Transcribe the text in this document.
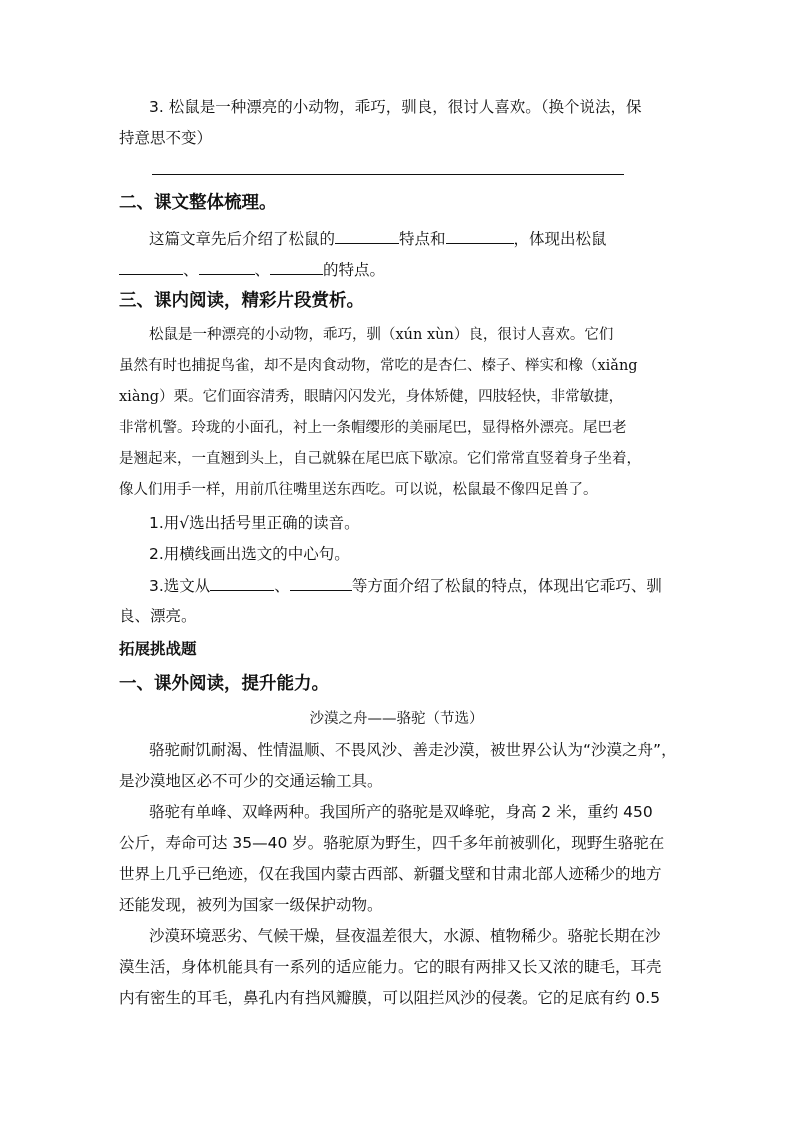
3. 松鼠是一种漂亮的小动物，乖巧，驯良，很讨人喜欢。（换个说法，保
持意思不变）
二、课文整体梳理。
这篇文章先后介绍了松鼠的	特点和	，体现出松鼠
、	、	的特点。
三、课内阅读，精彩片段赏析。
松鼠是一种漂亮的小动物，乖巧，驯（xún xùn）良，很讨人喜欢。它们
虽然有时也捕捉鸟雀，却不是肉食动物，常吃的是杏仁、榛子、榉实和橡（xiǎng
xiàng）栗。它们面容清秀，眼睛闪闪发光，身体矫健，四肢轻快，非常敏捷，
非常机警。玲珑的小面孔，衬上一条帽缨形的美丽尾巴，显得格外漂亮。尾巴老
是翘起来，一直翘到头上，自己就躲在尾巴底下歇凉。它们常常直竖着身子坐着，
像人们用手一样，用前爪往嘴里送东西吃。可以说，松鼠最不像四足兽了。
1.用√选出括号里正确的读音。
2.用横线画出选文的中心句。
3.选文从	、	等方面介绍了松鼠的特点，体现出它乖巧、驯
良、漂亮。
拓展挑战题
一、课外阅读，提升能力。
沙漠之舟——骆驼（节选）
骆驼耐饥耐渴、性情温顺、不畏风沙、善走沙漠，被世界公认为“沙漠之舟”，
是沙漠地区必不可少的交通运输工具。
骆驼有单峰、双峰两种。我国所产的骆驼是双峰驼，身高 2 米，重约 450
公斤，寿命可达 35—40 岁。骆驼原为野生，四千多年前被驯化，现野生骆驼在
世界上几乎已绝迹，仅在我国内蒙古西部、新疆戈壁和甘肃北部人迹稀少的地方
还能发现，被列为国家一级保护动物。
沙漠环境恶劣、气候干燥，昼夜温差很大，水源、植物稀少。骆驼长期在沙
漠生活，身体机能具有一系列的适应能力。它的眼有两排又长又浓的睫毛，耳壳
内有密生的耳毛，鼻孔内有挡风瓣膜，可以阻拦风沙的侵袭。它的足底有约 0.5
